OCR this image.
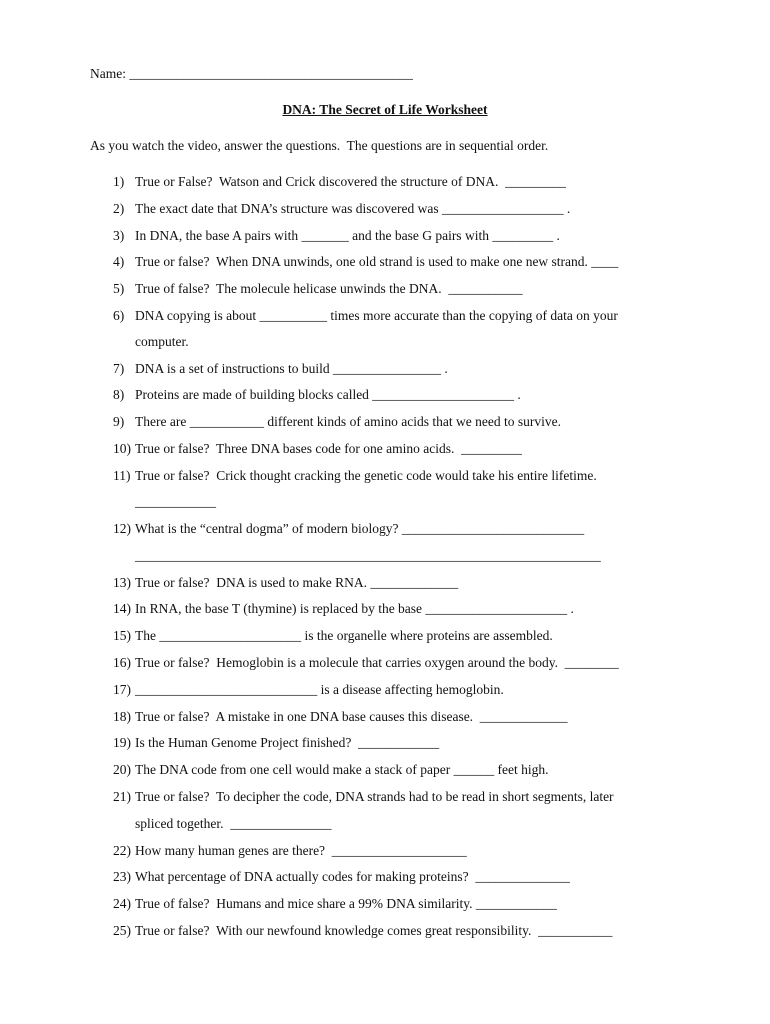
Name: __________________________________________
DNA: The Secret of Life Worksheet
As you watch the video, answer the questions.  The questions are in sequential order.
1) True or False?  Watson and Crick discovered the structure of DNA.  _________
2) The exact date that DNA’s structure was discovered was __________________ .
3) In DNA, the base A pairs with _______ and the base G pairs with _________ .
4) True or false?  When DNA unwinds, one old strand is used to make one new strand. ____
5) True of false?  The molecule helicase unwinds the DNA.  ___________
6) DNA copying is about __________ times more accurate than the copying of data on your
computer.
7) DNA is a set of instructions to build ________________ .
8) Proteins are made of building blocks called _____________________ .
9) There are ___________ different kinds of amino acids that we need to survive.
10) True or false?  Three DNA bases code for one amino acids.  _________
11) True or false?  Crick thought cracking the genetic code would take his entire lifetime.
____________
12) What is the “central dogma” of modern biology? ___________________________
_____________________________________________________________________
13) True or false?  DNA is used to make RNA. _____________
14) In RNA, the base T (thymine) is replaced by the base _____________________ .
15) The _____________________ is the organelle where proteins are assembled.
16) True or false?  Hemoglobin is a molecule that carries oxygen around the body.  ________
17) ___________________________ is a disease affecting hemoglobin.
18) True or false?  A mistake in one DNA base causes this disease.  _____________
19) Is the Human Genome Project finished?  ____________
20) The DNA code from one cell would make a stack of paper ______ feet high.
21) True or false?  To decipher the code, DNA strands had to be read in short segments, later
spliced together.  _______________
22) How many human genes are there?  ____________________
23) What percentage of DNA actually codes for making proteins?  ______________
24) True of false?  Humans and mice share a 99% DNA similarity. ____________
25) True or false?  With our newfound knowledge comes great responsibility.  ___________
